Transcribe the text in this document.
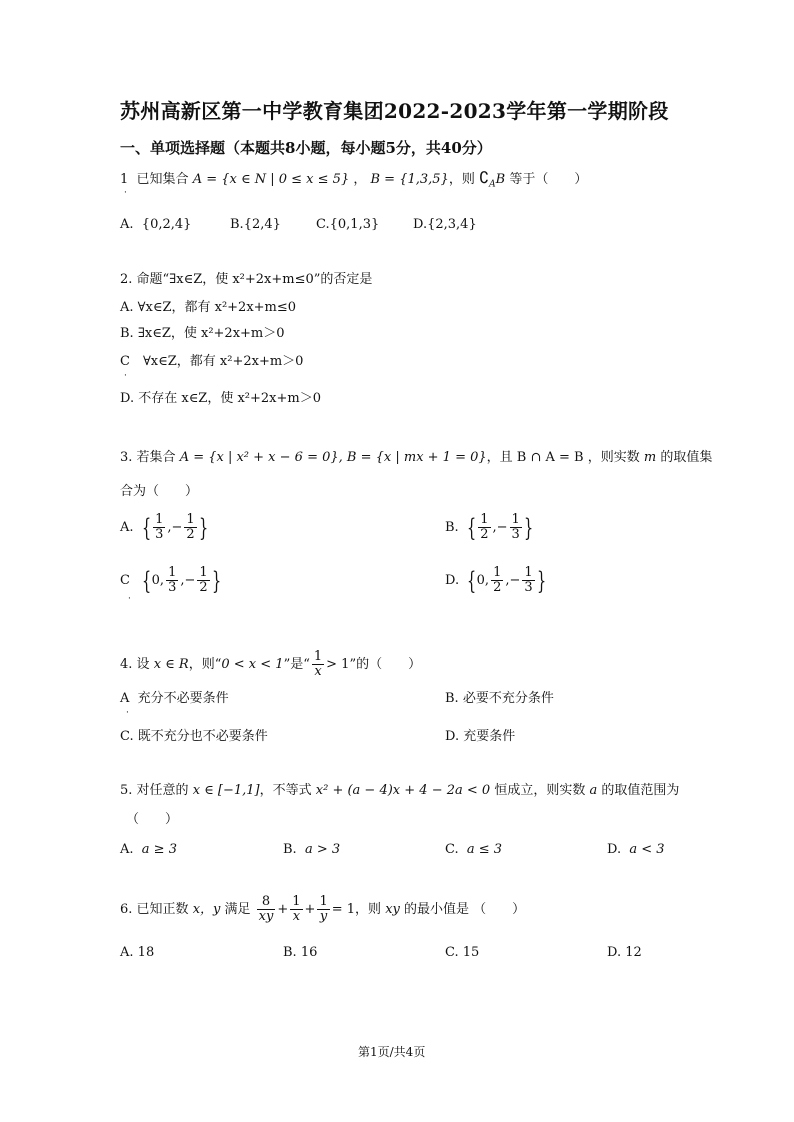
苏州高新区第一中学教育集团2022-2023学年第一学期阶段
一、单项选择题（本题共8小题，每小题5分，共40分）
1 已知集合 A = {x ∈ N | 0 ≤ x ≤ 5} ， B = {1,3,5}，则 $∁_AB$ 等于（　　）
·
A. {0,2,4}	B.{2,4}	C.{0,1,3}	D.{2,3,4}
2. 命题“∃x∈Z，使 x²+2x+m≤0”的否定是
A. ∀x∈Z，都有 x²+2x+m≤0
B. ∃x∈Z，使 x²+2x+m＞0
C　∀x∈Z，都有 x²+2x+m＞0
·
D. 不存在 x∈Z，使 x²+2x+m＞0
3. 若集合 A = {x | x² + x − 6 = 0}, B = {x | mx + 1 = 0}，且 B ∩ A = B ，则实数 m 的取值集
合为（　　）
A. { $\frac{1}{3}$ ,− $\frac{1}{2}$ }	B. { $\frac{1}{2}$ ,− $\frac{1}{3}$ }
C {0, $\frac{1}{3}$ ,− $\frac{1}{2}$ }
·
D. {0, $\frac{1}{2}$ ,− $\frac{1}{3}$ }
4. 设 x ∈ R，则“0 < x < 1”是“ $\frac{1}{x} > 1$”的（　　）
A 充分不必要条件
·
B. 必要不充分条件
C. 既不充分也不必要条件	D. 充要条件
5. 对任意的 x ∈ [−1,1]，不等式 x² + (a − 4)x + 4 − 2a < 0 恒成立，则实数 a 的取值范围为
（　　）
A. a ≥ 3	B. a > 3	C. a ≤ 3	D. a < 3
6. 已知正数 x，y 满足 $\frac{8}{xy} + \frac{1}{x} + \frac{1}{y} = 1$，则 xy 的最小值是 （　　）
A. 18	B. 16	C. 15	D. 12
第1页/共4页
